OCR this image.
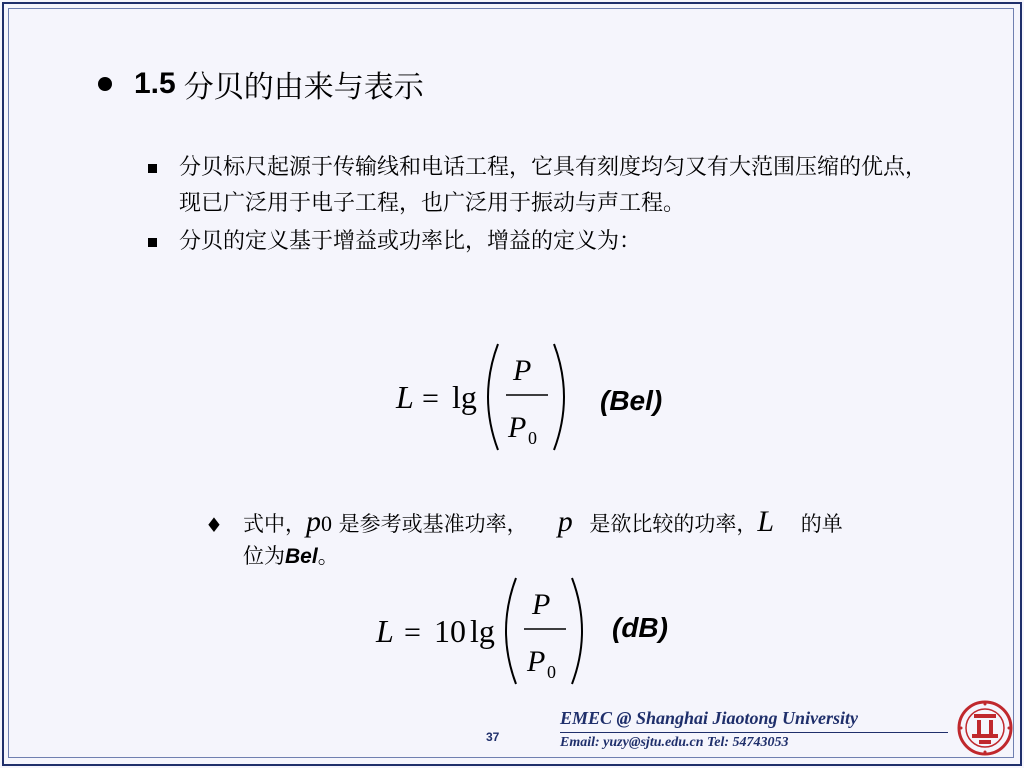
1.5 分贝的由来与表示
分贝标尺起源于传输线和电话工程，它具有刻度均匀又有大范围压缩的优点，现已广泛用于电子工程，也广泛用于振动与声工程。
分贝的定义基于增益或功率比，增益的定义为：
L = lg
P
P 0
(Bel)
♦ 式中，p0 是参考或基准功率， p 是欲比较的功率，L 的单
位为Bel。
L = 10 lg
P
P 0
(dB)
37
EMEC @ Shanghai Jiaotong University
Email: yuzy@sjtu.edu.cn Tel: 54743053
